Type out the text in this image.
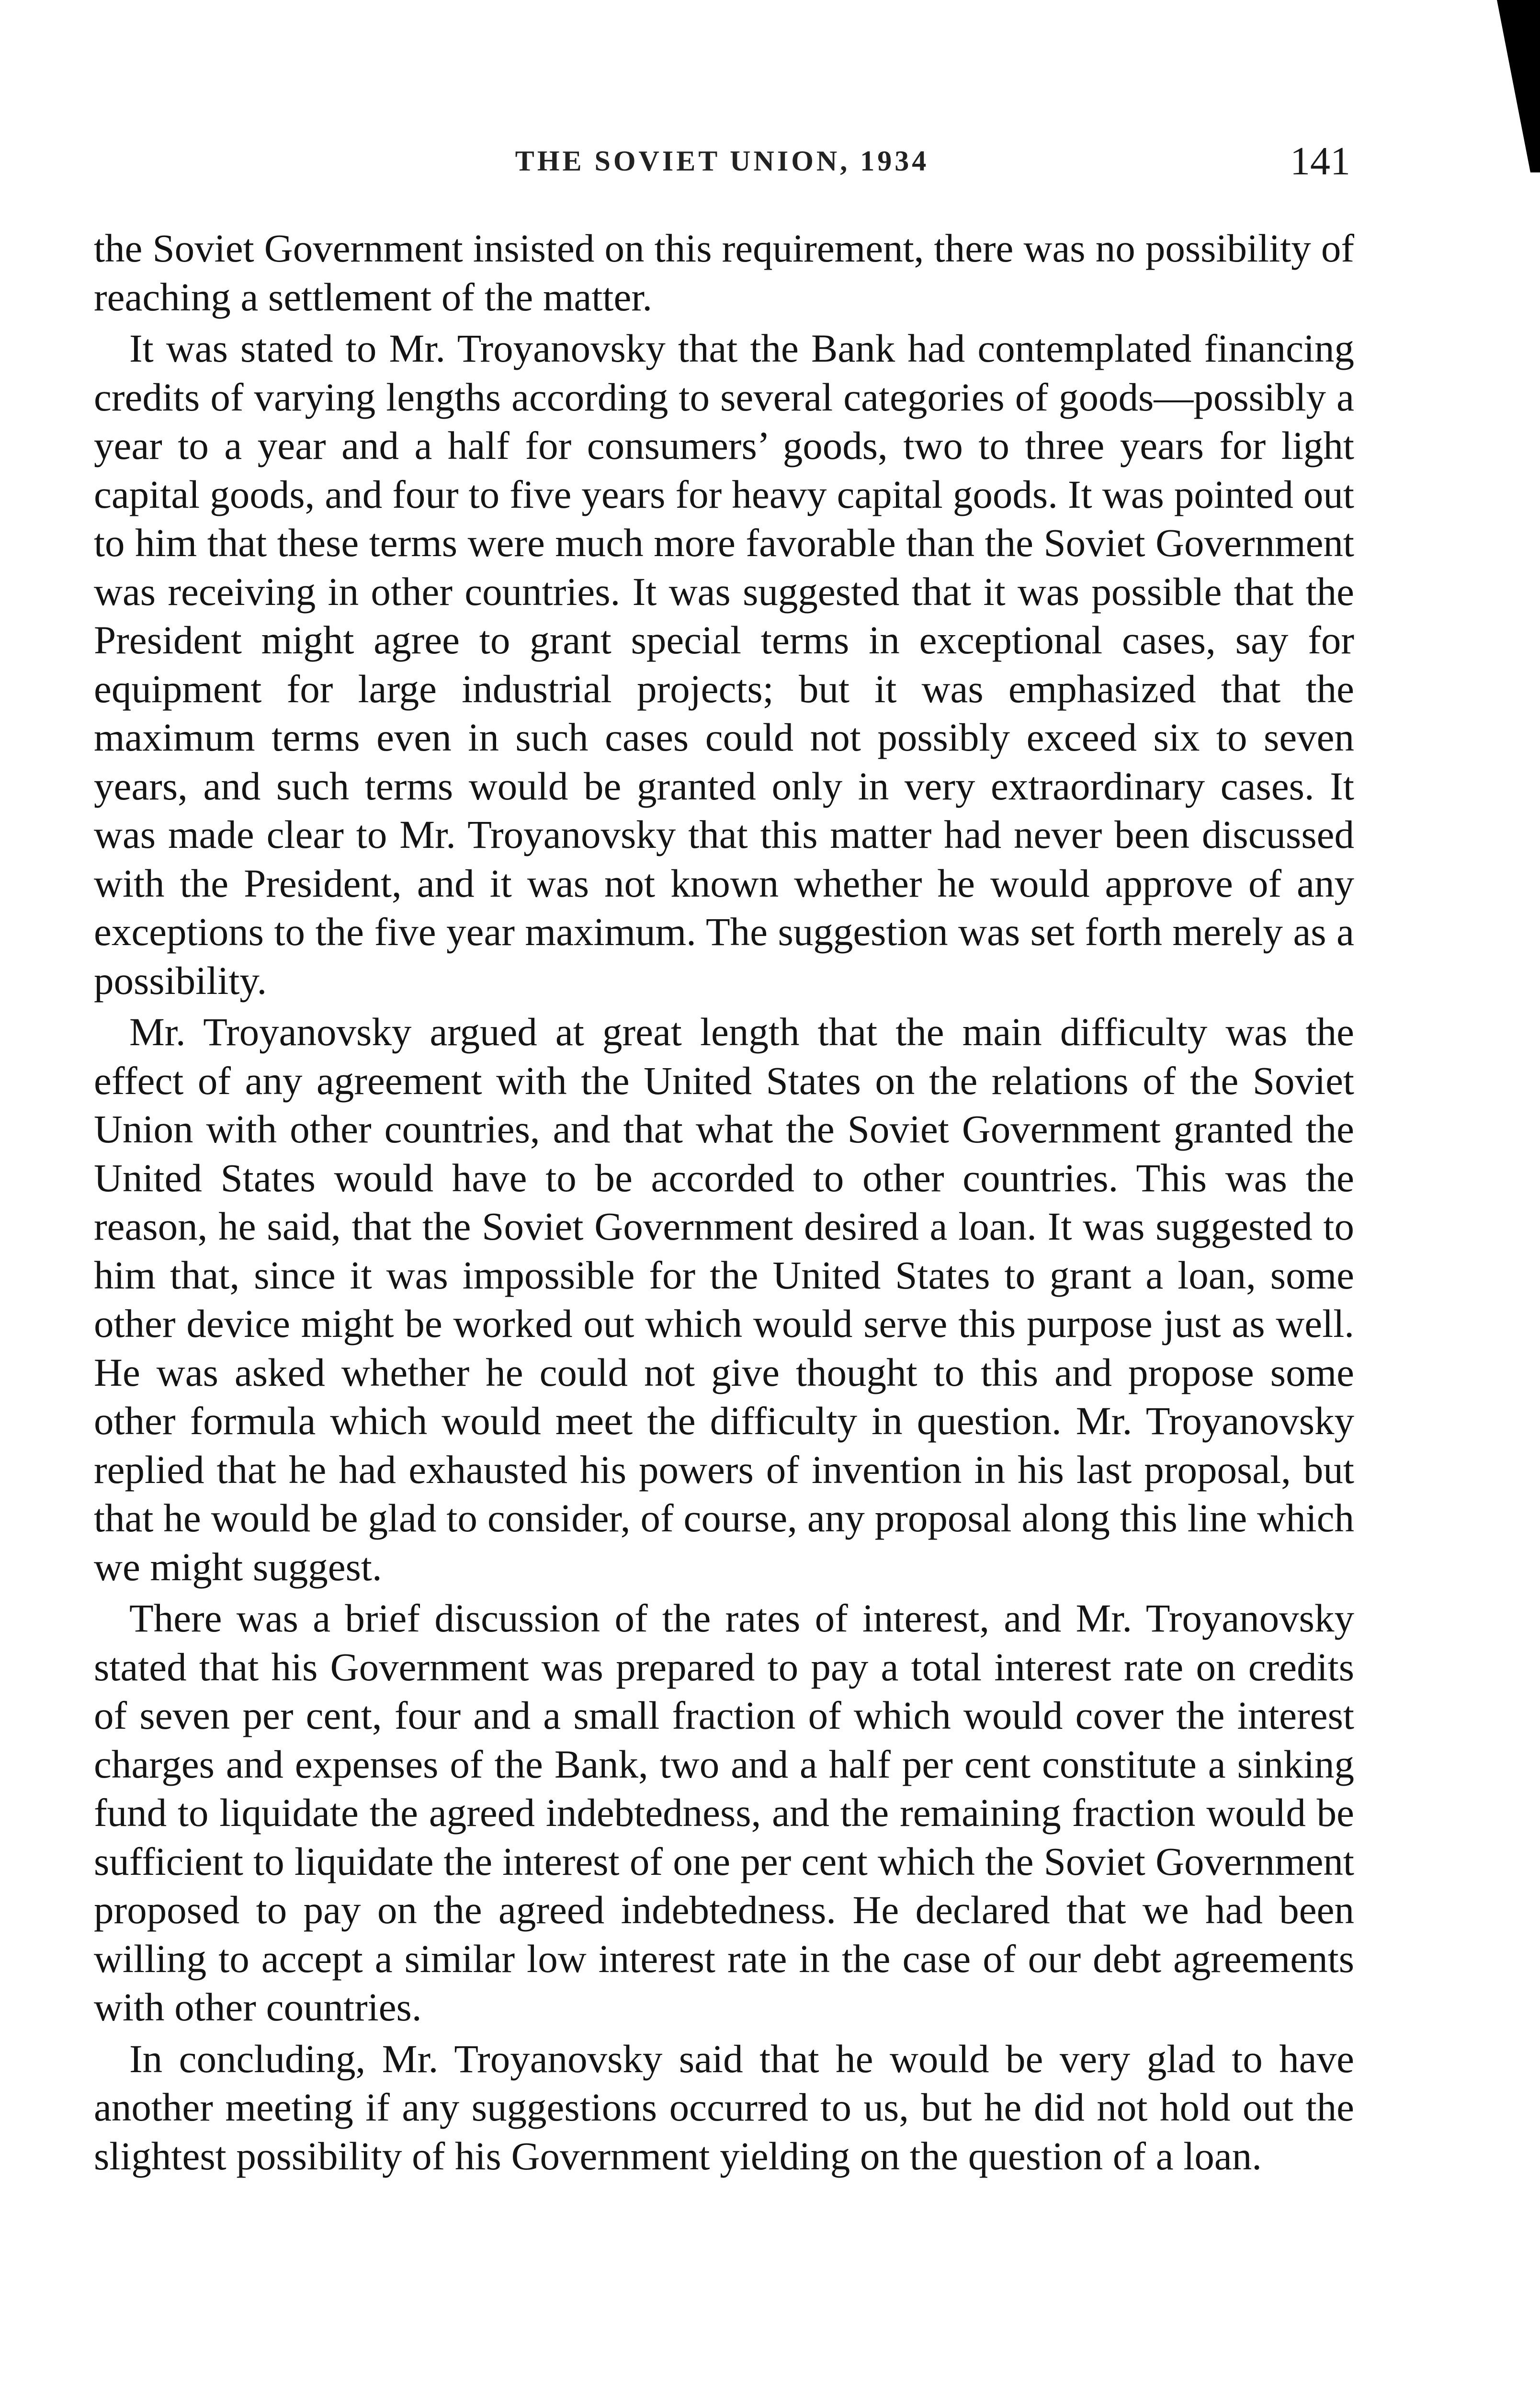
THE SOVIET UNION, 1934	141

the Soviet Government insisted on this requirement, there was no possibility of reaching a settlement of the matter.

It was stated to Mr. Troyanovsky that the Bank had contemplated financing credits of varying lengths according to several categories of goods—possibly a year to a year and a half for consumers’ goods, two to three years for light capital goods, and four to five years for heavy capital goods. It was pointed out to him that these terms were much more favorable than the Soviet Government was receiving in other countries. It was suggested that it was possible that the President might agree to grant special terms in exceptional cases, say for equipment for large industrial projects; but it was emphasized that the maximum terms even in such cases could not possibly exceed six to seven years, and such terms would be granted only in very extraordinary cases. It was made clear to Mr. Troyanovsky that this matter had never been discussed with the President, and it was not known whether he would approve of any exceptions to the five year maximum. The suggestion was set forth merely as a possibility.

Mr. Troyanovsky argued at great length that the main difficulty was the effect of any agreement with the United States on the relations of the Soviet Union with other countries, and that what the Soviet Government granted the United States would have to be accorded to other countries. This was the reason, he said, that the Soviet Government desired a loan. It was suggested to him that, since it was impossible for the United States to grant a loan, some other device might be worked out which would serve this purpose just as well. He was asked whether he could not give thought to this and propose some other formula which would meet the difficulty in question. Mr. Troyanovsky replied that he had exhausted his powers of invention in his last proposal, but that he would be glad to consider, of course, any proposal along this line which we might suggest.

There was a brief discussion of the rates of interest, and Mr. Troyanovsky stated that his Government was prepared to pay a total interest rate on credits of seven per cent, four and a small fraction of which would cover the interest charges and expenses of the Bank, two and a half per cent constitute a sinking fund to liquidate the agreed indebtedness, and the remaining fraction would be sufficient to liquidate the interest of one per cent which the Soviet Government proposed to pay on the agreed indebtedness. He declared that we had been willing to accept a similar low interest rate in the case of our debt agreements with other countries.

In concluding, Mr. Troyanovsky said that he would be very glad to have another meeting if any suggestions occurred to us, but he did not hold out the slightest possibility of his Government yielding on the question of a loan.
